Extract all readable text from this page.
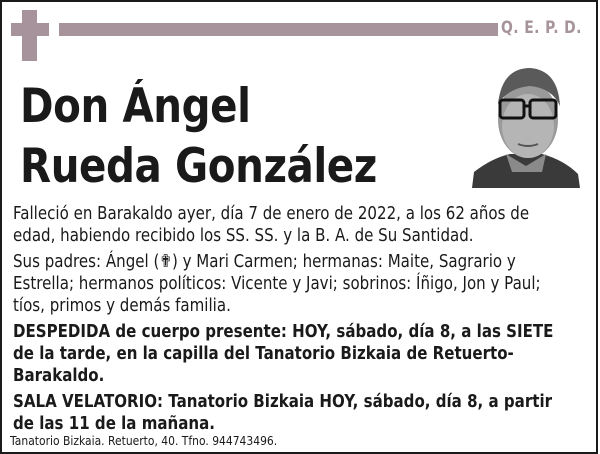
Q. E. P. D.
Don Ángel
Rueda González

Falleció en Barakaldo ayer, día 7 de enero de 2022, a los 62 años de edad, habiendo recibido los SS. SS. y la B. A. de Su Santidad.

Sus padres: Ángel (✟) y Mari Carmen; hermanas: Maite, Sagrario y Estrella; hermanos políticos: Vicente y Javi; sobrinos: Íñigo, Jon y Paul; tíos, primos y demás familia.

DESPEDIDA de cuerpo presente: HOY, sábado, día 8, a las SIETE de la tarde, en la capilla del Tanatorio Bizkaia de Retuerto-Barakaldo.

SALA VELATORIO: Tanatorio Bizkaia HOY, sábado, día 8, a partir de las 11 de la mañana.

Tanatorio Bizkaia. Retuerto, 40. Tfno. 944743496.
